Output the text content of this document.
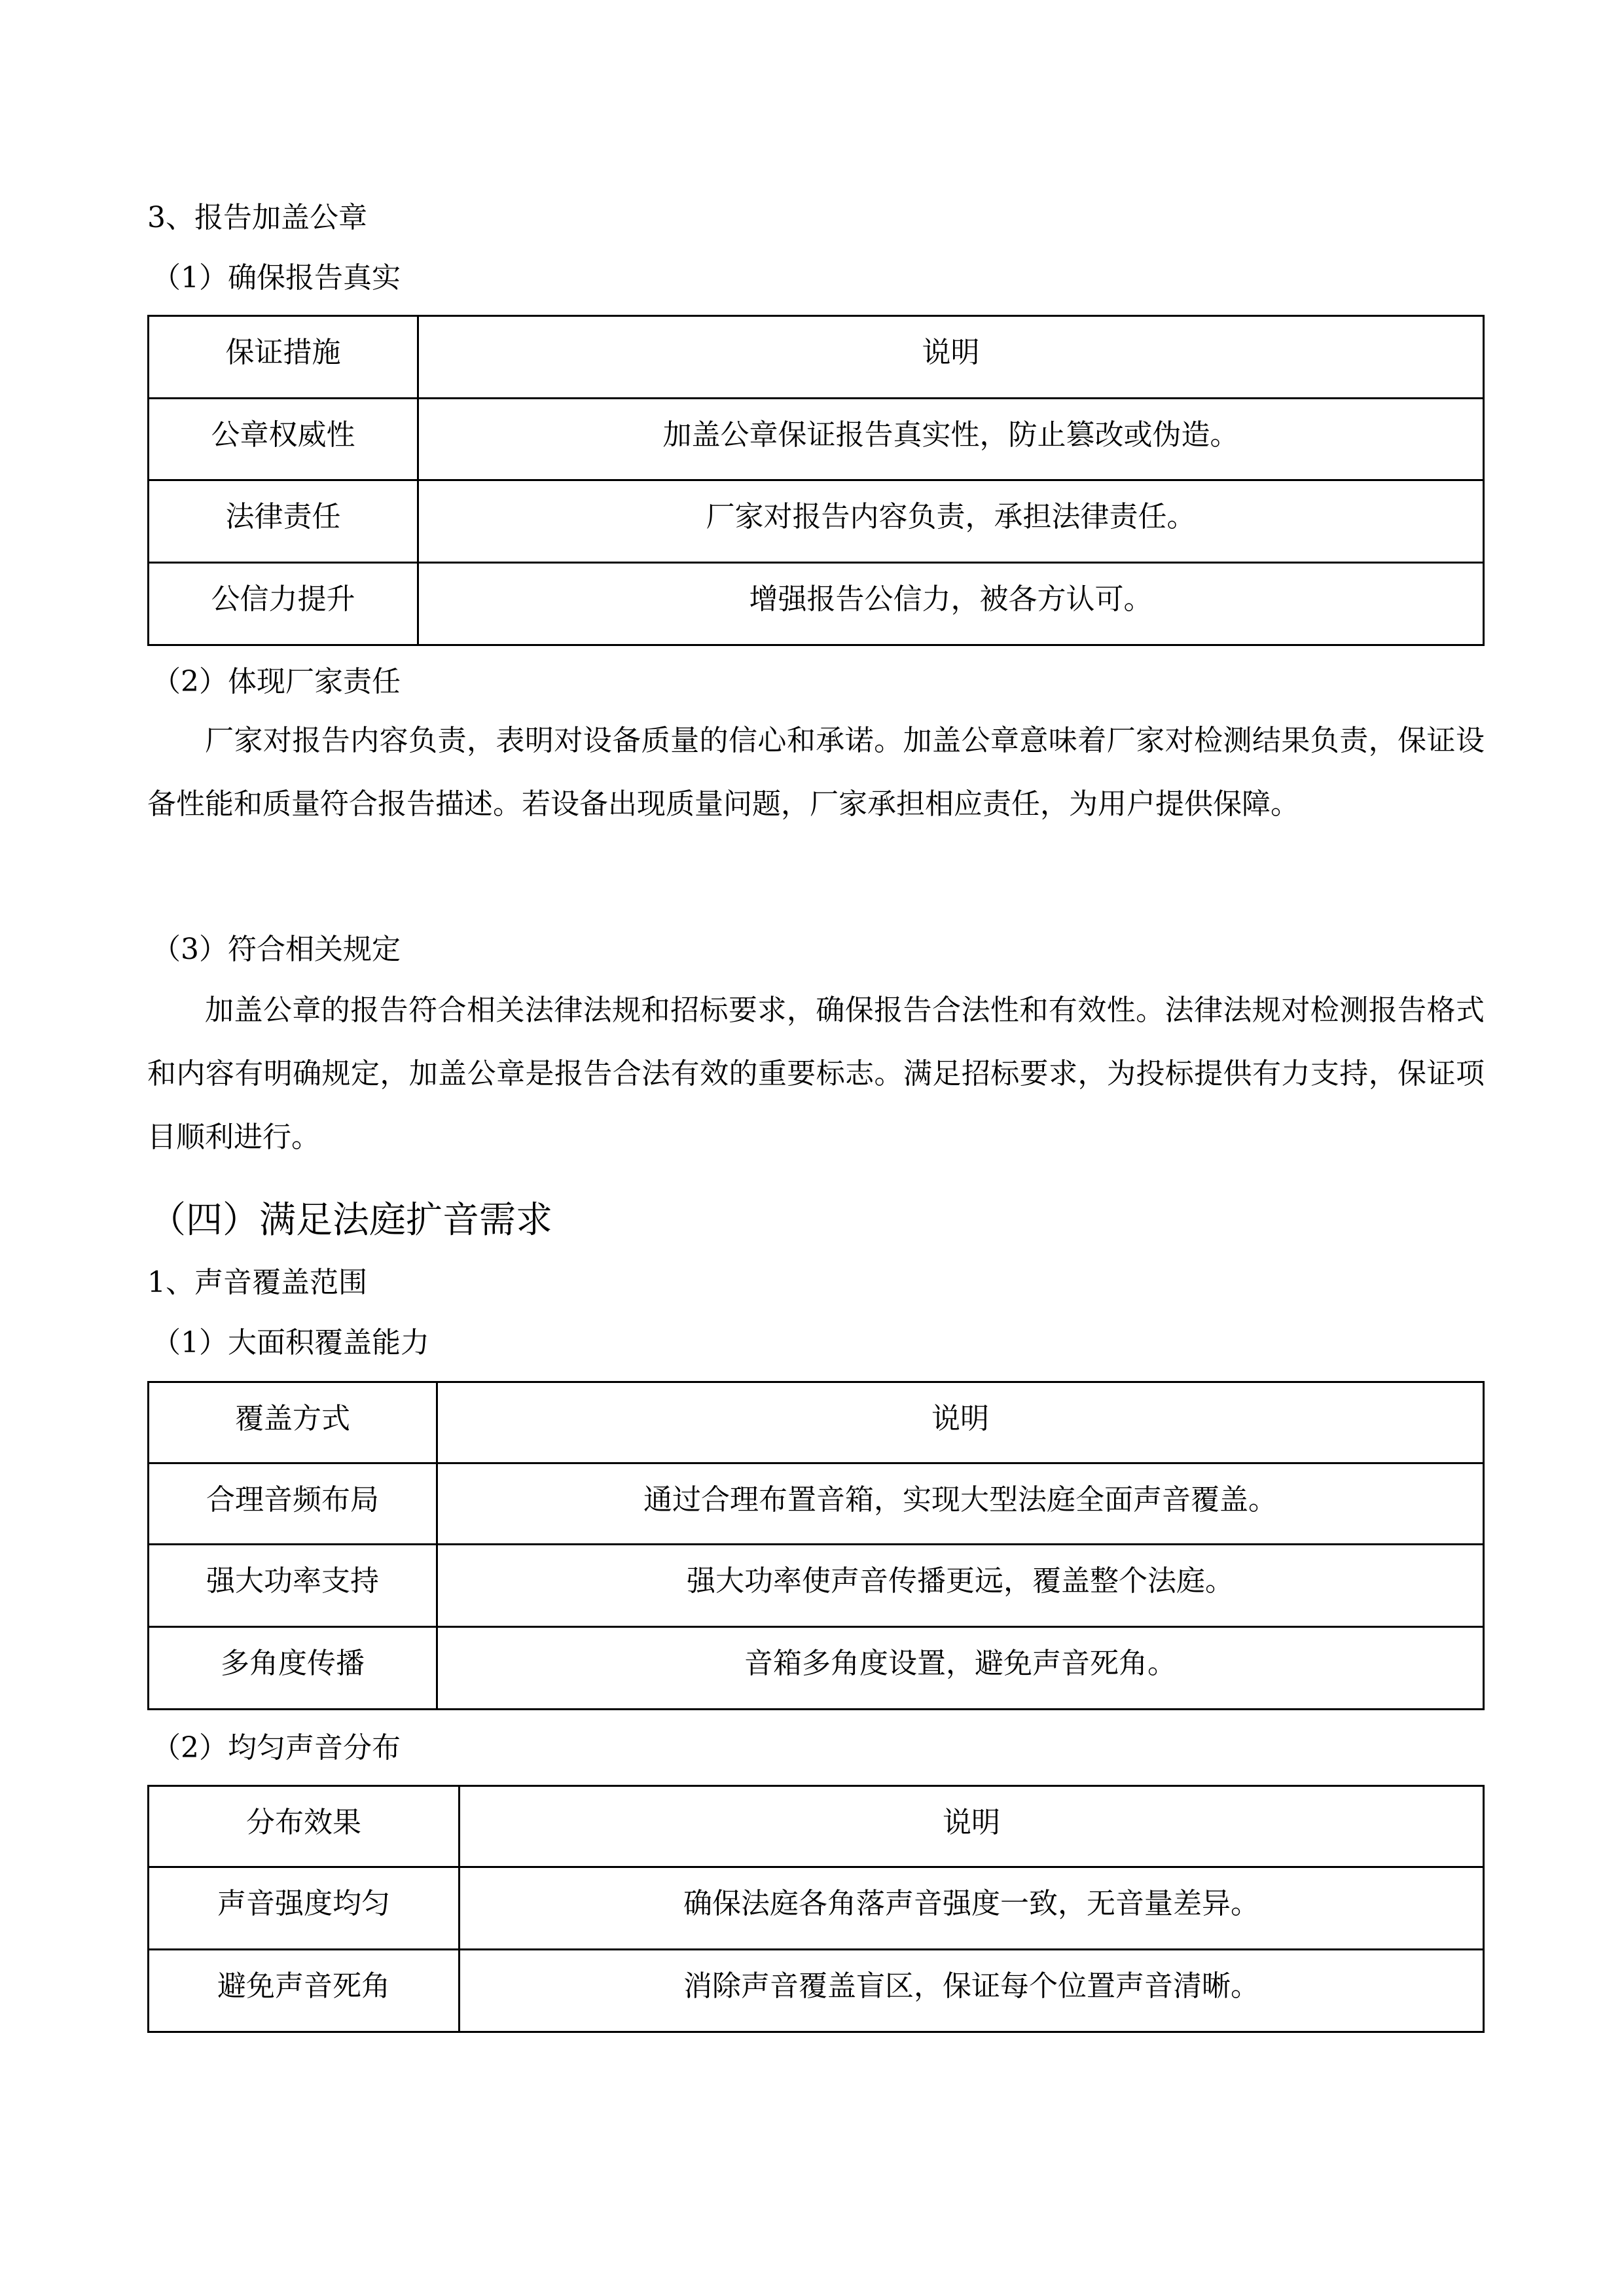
3、报告加盖公章
（1）确保报告真实
保证措施	说明
公章权威性	加盖公章保证报告真实性，防止篡改或伪造。
法律责任	厂家对报告内容负责，承担法律责任。
公信力提升	增强报告公信力，被各方认可。
（2）体现厂家责任
厂家对报告内容负责，表明对设备质量的信心和承诺。加盖公章意味着厂家对检测结果负责，保证设备性能和质量符合报告描述。若设备出现质量问题，厂家承担相应责任，为用户提供保障。
（3）符合相关规定
加盖公章的报告符合相关法律法规和招标要求，确保报告合法性和有效性。法律法规对检测报告格式和内容有明确规定，加盖公章是报告合法有效的重要标志。满足招标要求，为投标提供有力支持，保证项目顺利进行。
（四）满足法庭扩音需求
1、声音覆盖范围
（1）大面积覆盖能力
覆盖方式	说明
合理音频布局	通过合理布置音箱，实现大型法庭全面声音覆盖。
强大功率支持	强大功率使声音传播更远，覆盖整个法庭。
多角度传播	音箱多角度设置，避免声音死角。
（2）均匀声音分布
分布效果	说明
声音强度均匀	确保法庭各角落声音强度一致，无音量差异。
避免声音死角	消除声音覆盖盲区，保证每个位置声音清晰。
